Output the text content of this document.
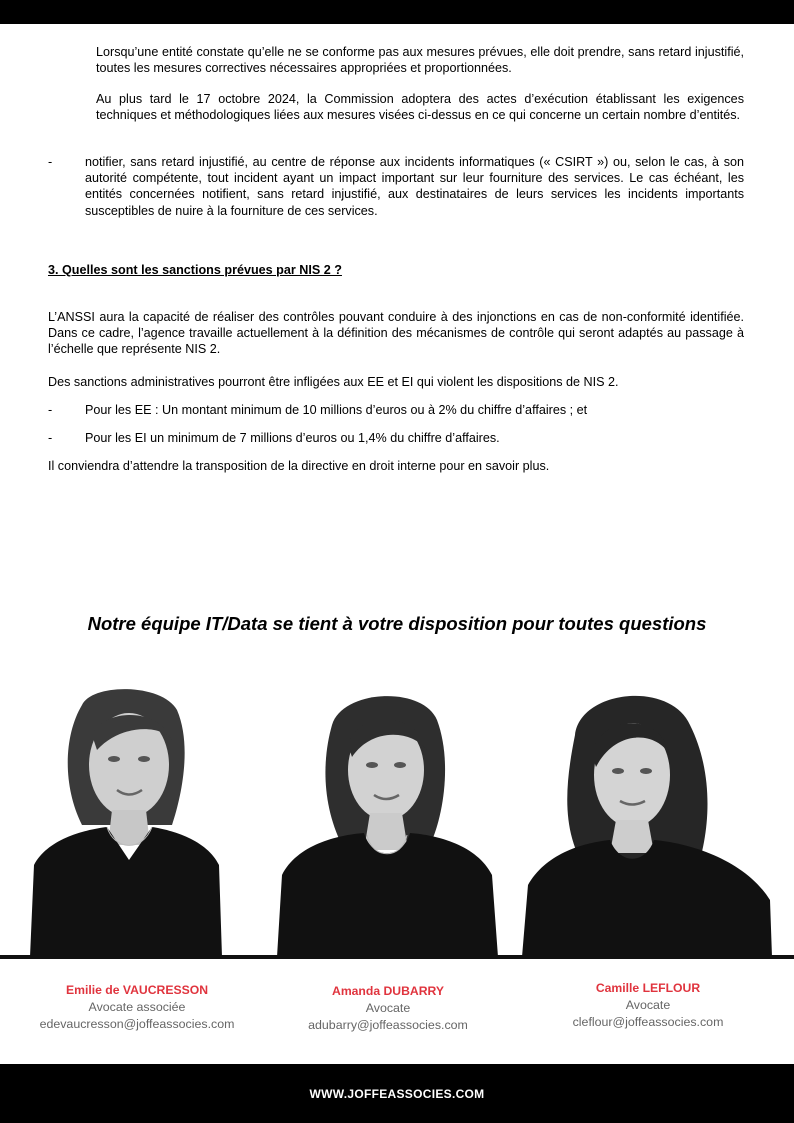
Lorsqu’une entité constate qu’elle ne se conforme pas aux mesures prévues, elle doit prendre, sans retard injustifié, toutes les mesures correctives nécessaires appropriées et proportionnées.

Au plus tard le 17 octobre 2024, la Commission adoptera des actes d’exécution établissant les exigences techniques et méthodologiques liées aux mesures visées ci-dessus en ce qui concerne un certain nombre d’entités.

-	notifier, sans retard injustifié, au centre de réponse aux incidents informatiques (« CSIRT ») ou, selon le cas, à son autorité compétente, tout incident ayant un impact important sur leur fourniture des services. Le cas échéant, les entités concernées notifient, sans retard injustifié, aux destinataires de leurs services les incidents importants susceptibles de nuire à la fourniture de ces services.

3. Quelles sont les sanctions prévues par NIS 2 ?

L’ANSSI aura la capacité de réaliser des contrôles pouvant conduire à des injonctions en cas de non-conformité identifiée. Dans ce cadre, l’agence travaille actuellement à la définition des mécanismes de contrôle qui seront adaptés au passage à l’échelle que représente NIS 2.

Des sanctions administratives pourront être infligées aux EE et EI qui violent les dispositions de NIS 2.

-	Pour les EE : Un montant minimum de 10 millions d’euros ou à 2% du chiffre d’affaires ; et

-	Pour les EI un minimum de 7 millions d’euros ou 1,4% du chiffre d’affaires.

Il conviendra d’attendre la transposition de la directive en droit interne pour en savoir plus.

Notre équipe IT/Data se tient à votre disposition pour toutes questions
Emilie de VAUCRESSON
Avocate associée
edevaucresson@joffeassocies.com
Amanda DUBARRY
Avocate
adubarry@joffeassocies.com
Camille LEFLOUR
Avocate
cleflour@joffeassocies.com
WWW.JOFFEASSOCIES.COM
